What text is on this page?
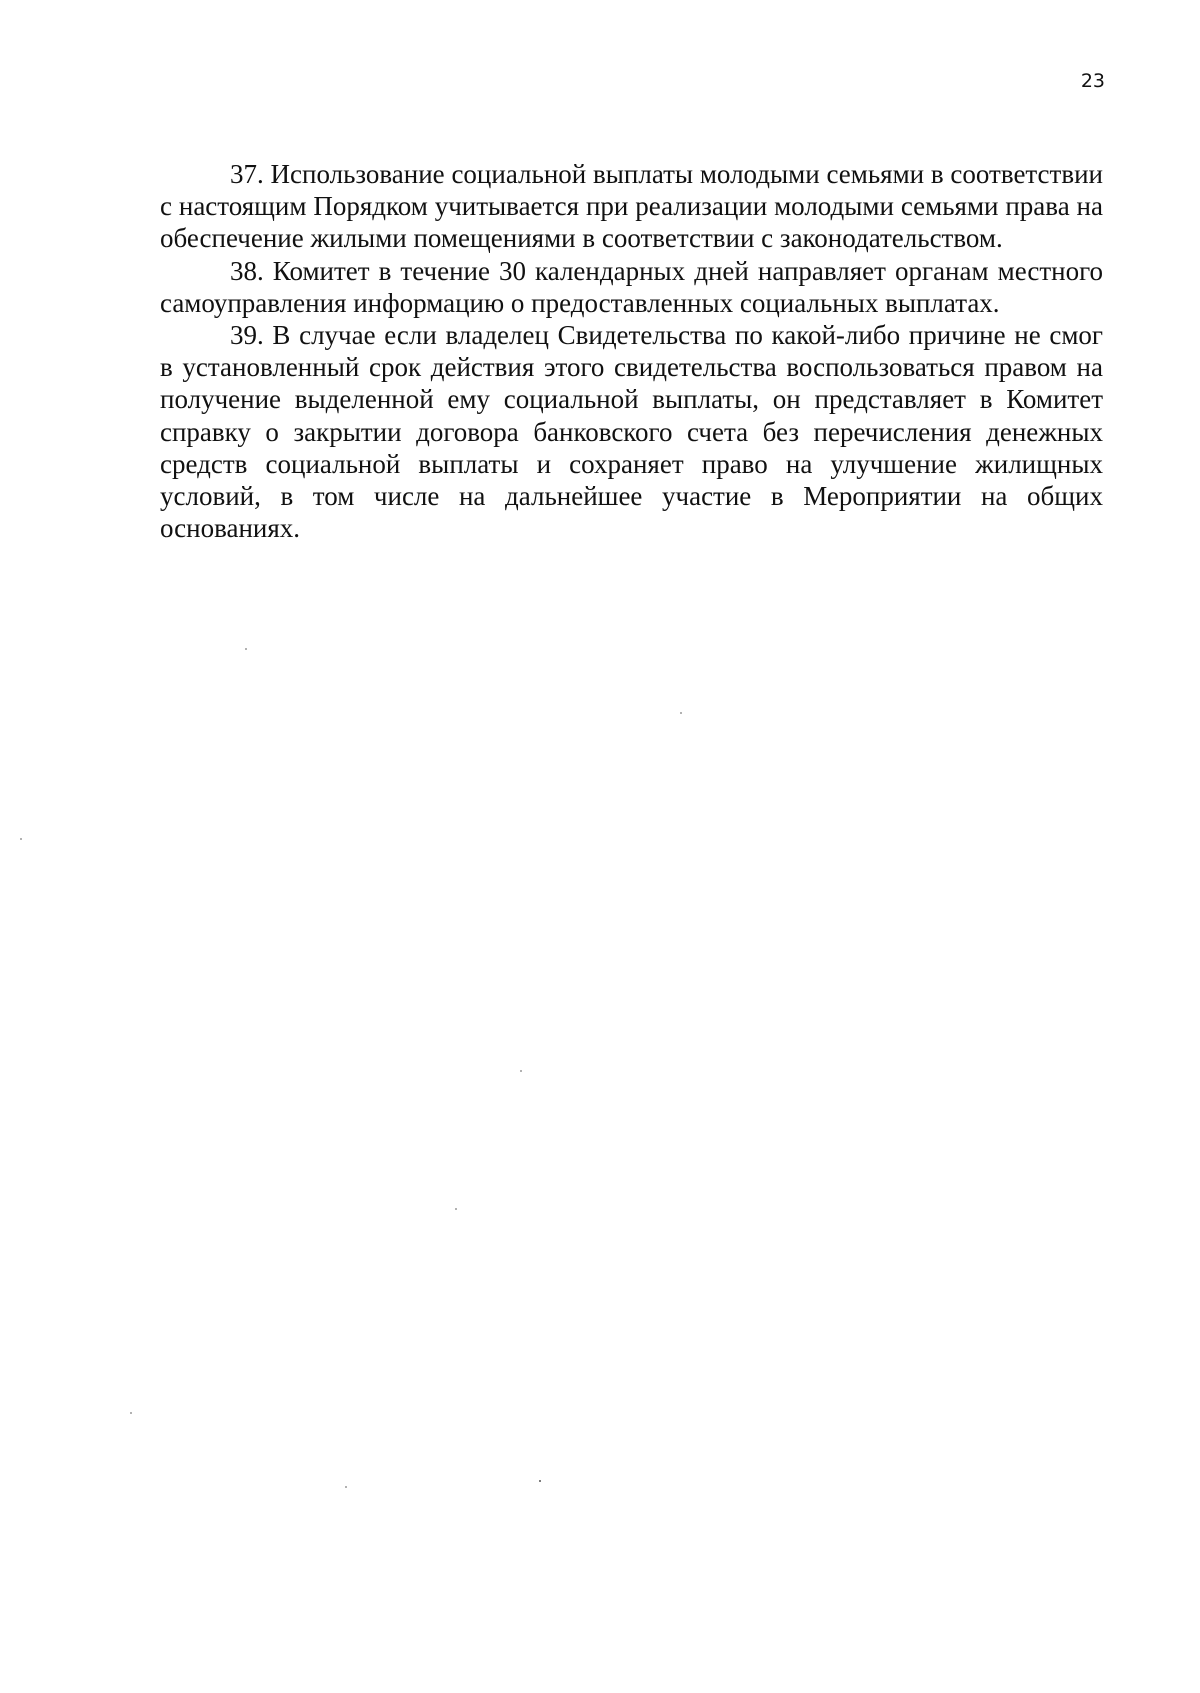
23

37. Использование социальной выплаты молодыми семьями в соответствии с настоящим Порядком учитывается при реализации молодыми семьями права на обеспечение жилыми помещениями в соответствии с законодательством.

38. Комитет в течение 30 календарных дней направляет органам местного самоуправления информацию о предоставленных социальных выплатах.

39. В случае если владелец Свидетельства по какой-либо причине не смог в установленный срок действия этого свидетельства воспользоваться правом на получение выделенной ему социальной выплаты, он представляет в Комитет справку о закрытии договора банковского счета без перечисления денежных средств социальной выплаты и сохраняет право на улучшение жилищных условий, в том числе на дальнейшее участие в Мероприятии на общих основаниях.
